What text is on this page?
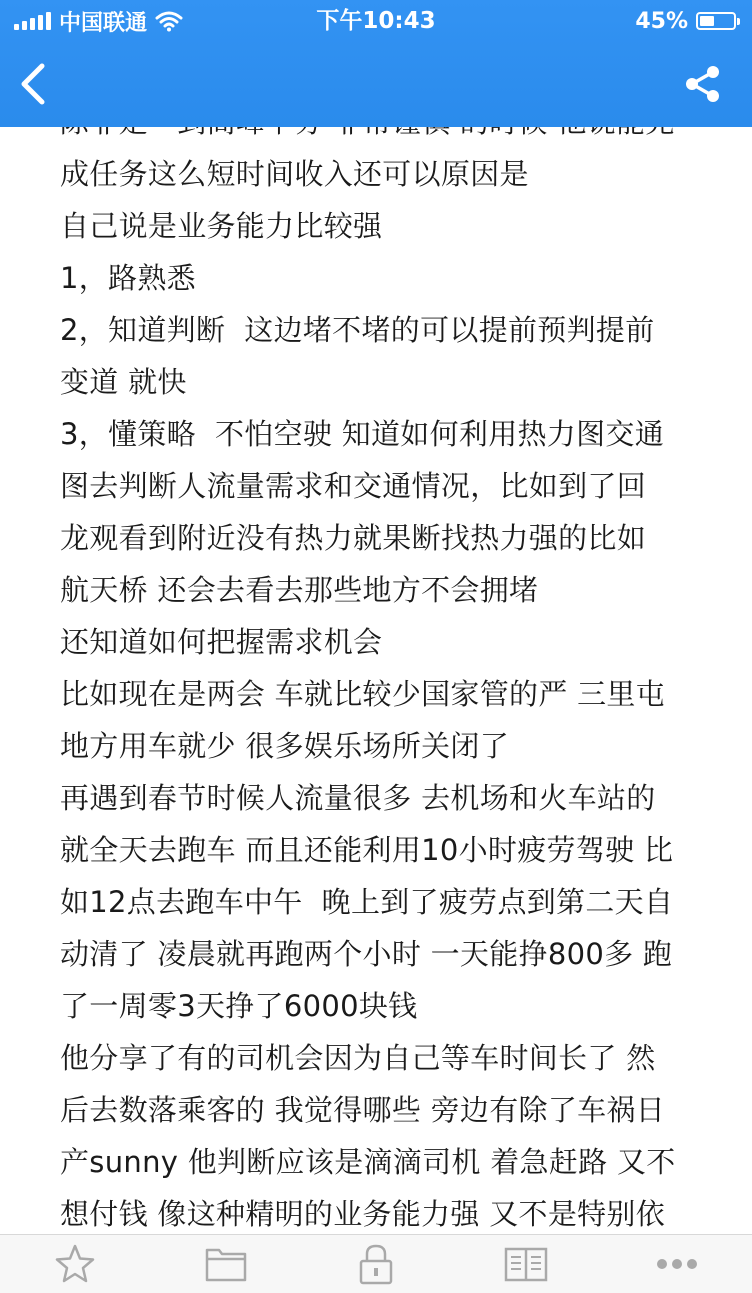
中国联通	下午10:43	45%
成任务这么短时间收入还可以原因是
自己说是业务能力比较强
1，路熟悉
2，知道判断  这边堵不堵的可以提前预判提前
变道 就快
3，懂策略  不怕空驶 知道如何利用热力图交通
图去判断人流量需求和交通情况，比如到了回
龙观看到附近没有热力就果断找热力强的比如
航天桥 还会去看去那些地方不会拥堵
还知道如何把握需求机会
比如现在是两会 车就比较少国家管的严 三里屯
地方用车就少 很多娱乐场所关闭了
再遇到春节时候人流量很多 去机场和火车站的
就全天去跑车 而且还能利用10小时疲劳驾驶 比
如12点去跑车中午  晚上到了疲劳点到第二天自
动清了 凌晨就再跑两个小时 一天能挣800多 跑
了一周零3天挣了6000块钱
他分享了有的司机会因为自己等车时间长了 然
后去数落乘客的 我觉得哪些 旁边有除了车祸日
产sunny 他判断应该是滴滴司机 着急赶路 又不
想付钱 像这种精明的业务能力强 又不是特别依
